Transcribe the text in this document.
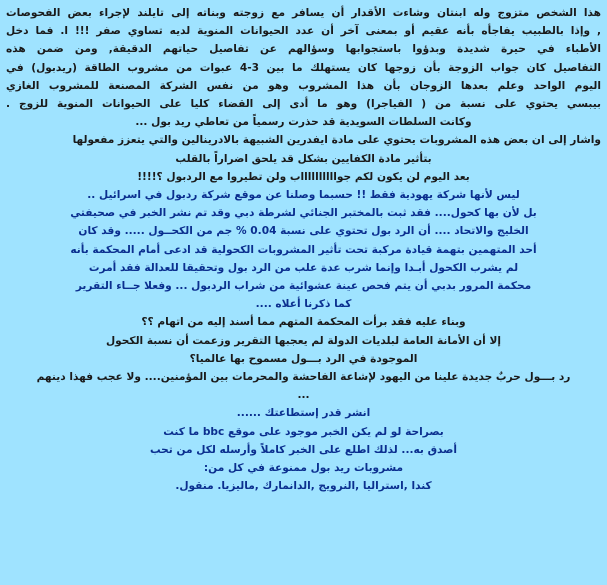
هذا الشخص متزوج وله ابنتان وشاءت الأقدار أن يسافر مع زوجته وبناته إلى تايلند لإجراء بعض الفحوصات
, وإذا بالطبيب يفاجأه بأنه عقيم أو بمعنى آخر أن عدد الحيوانات المنوية لديه تساوي صفر !!! ا. فما دخل
الأطباء في حيرة شديدة وبدؤوا باستجوابها وسؤالهم عن تفاصيل حياتهم الدقيقة, ومن ضمن هذه
التفاصيل كان جواب الزوجة بأن زوجها كان يستهلك ما بين 3-4 عبوات من مشروب الطاقة (ريدبول) في
اليوم الواحد وعلم بعدها الزوجان بأن هذا المشروب وهو من نفس الشركة المصنعة للمشروب الغازي
بيبسي يحتوي على نسبة من ( الفياجرا) وهو ما أدى إلى القضاء كليا على الحيوانات المنوية للزوج .
وكانت السلطات السويدية قد حذرت رسمياً من تعاطي ريد بول ...
واشار إلى ان بعض هذه المشروبات يحتوي على مادة ايفدرين الشبيهة بالادرينالين والتي يتعزز مفعولها
بتأثير مادة الكفايين بشكل قد يلحق اضراراً بالقلب
بعد اليوم لن يكون لكم جوااااااااااب ولن تطيروا مع الردبول ؟!!!!
ليس لأنها شركة يهودية فقط !! حسبما وصلنا عن موقع شركة ردبول في اسرائيل ..
بل لأن بها كحول.... فقد ثبت بالمختبر الجنائي لشرطة دبي وقد تم نشر الخبر في صحيفتي
الخليج والاتحاد .... أن الرد بول تحتوي على نسبة 0.04 % جم من الكحــول ..... وقد كان
أحد المتهمين بتهمة قيادة مركبة تحت تأثير المشروبات الكحولية قد ادعى أمام المحكمة بأنه
لم يشرب الكحول أبـدا وإنما شرب عدة علب من الرد بول وتحقيقا للعدالة فقد أمرت
محكمة المرور بدبي أن يتم فحص عينة عشوائية من شراب الردبول ... وفعلا جــاء التقرير
كما ذكرنا أعلاه ....
وبناء عليه فقد برأت المحكمة المتهم مما أسند إليه من اتهام ؟؟
إلا أن الأمانة العامة لبلديات الدولة لم يعجبها التقرير وزعمت أن نسبة الكحول
الموجودة في الرد بـــول مسموح بها عالميا؟
رد بـــول حربٌ جديدة علينا من اليهود لإشاعة الفاحشة والمحرمات بين المؤمنين.... ولا عجب فهذا دينهم
...
انشر قدر إستطاعتك ......
بصراحة لو لم يكن الخبر موجود على موقع bbc ما كنت
أصدق به... لذلك اطلع على الخبر كاملاً وأرسله لكل من تحب
مشروبات ريد بول ممنوعة في كل من:
كندا ,استراليا ,النرويج ,الدانمارك ,ماليزيا. منقول.
